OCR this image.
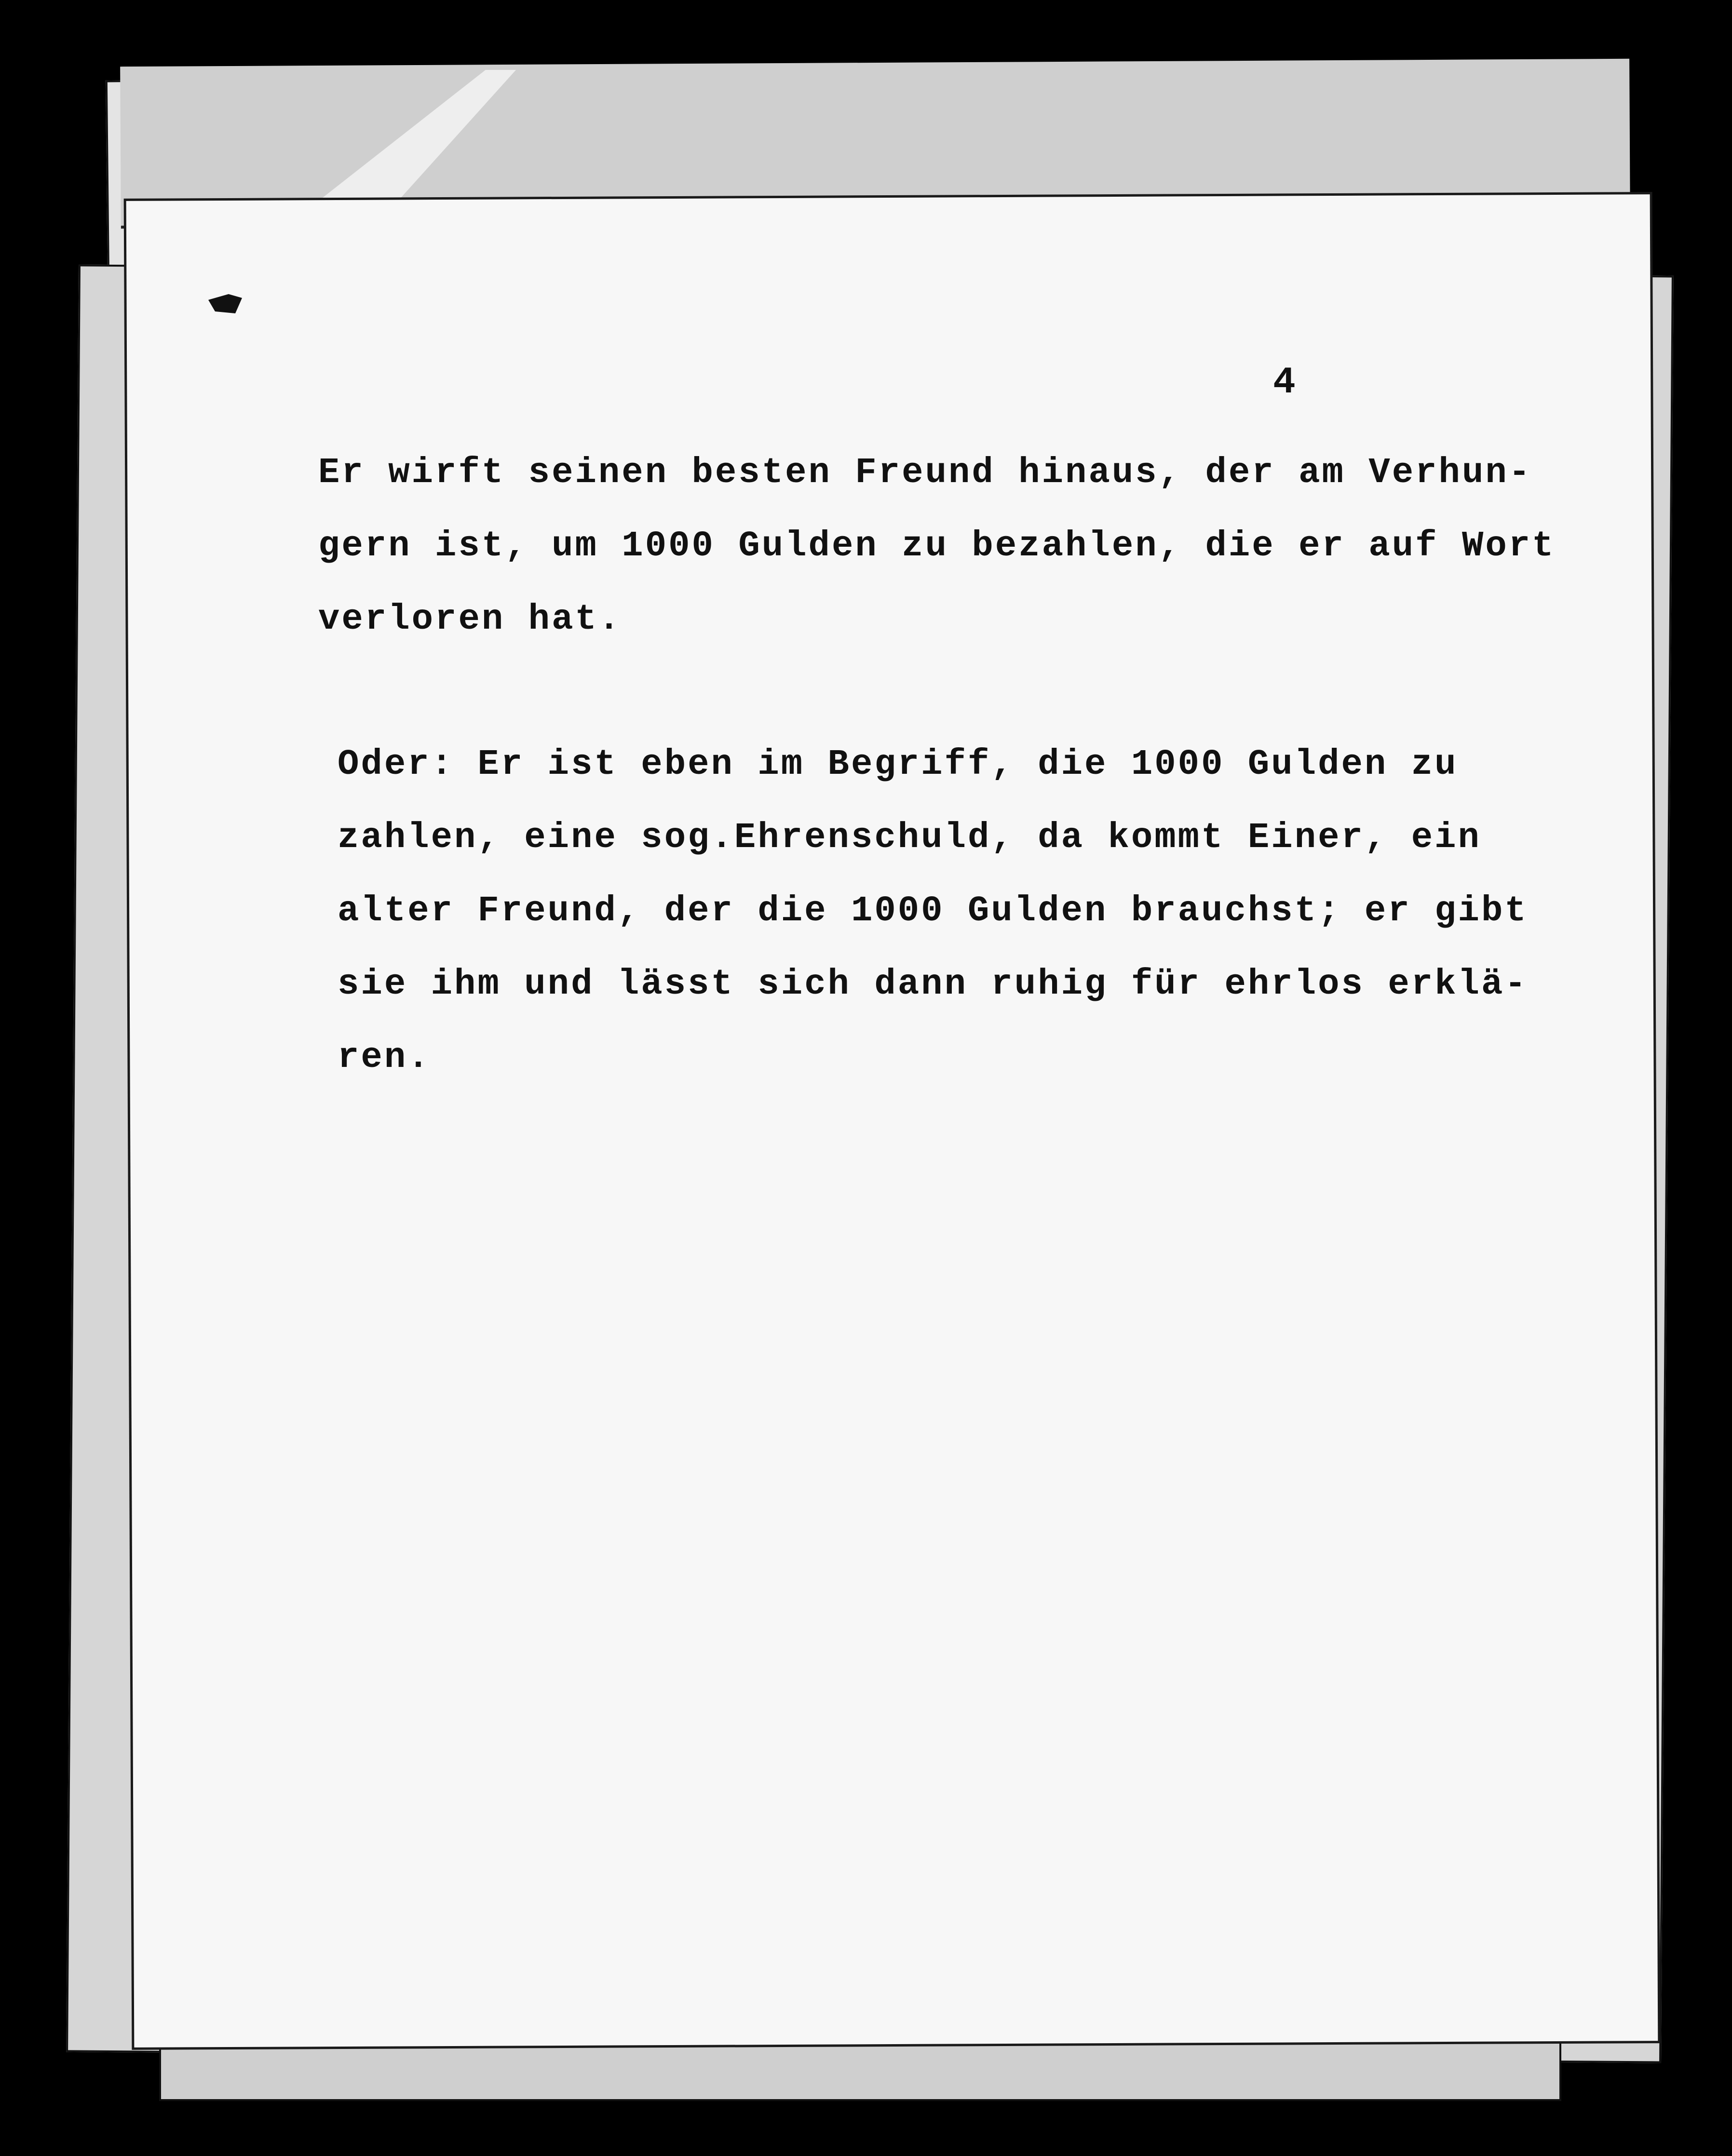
4
Er wirft seinen besten Freund hinaus, der am Verhun-
gern ist, um 1000 Gulden zu bezahlen, die er auf Wort
verloren hat.
Oder: Er ist eben im Begriff, die 1000 Gulden zu
zahlen, eine sog.Ehrenschuld, da kommt Einer, ein
alter Freund, der die 1000 Gulden brauchst; er gibt
sie ihm und lässt sich dann ruhig für ehrlos erklä-
ren.
